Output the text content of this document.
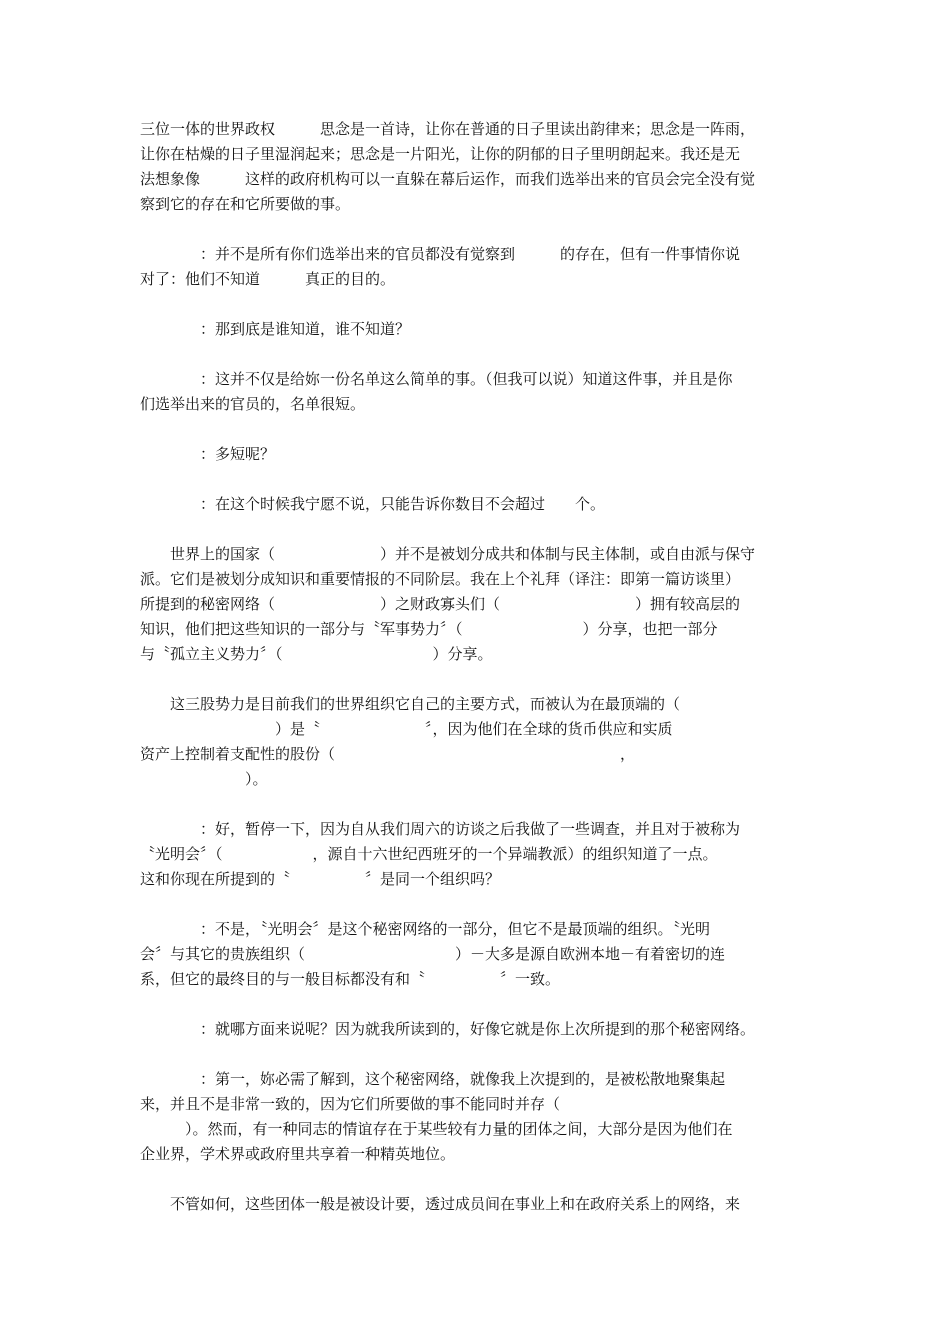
三位一体的世界政权　　　思念是一首诗，让你在普通的日子里读出韵律来；思念是一阵雨，
让你在枯燥的日子里湿润起来；思念是一片阳光，让你的阴郁的日子里明朗起来。我还是无
法想象像　　　这样的政府机构可以一直躲在幕后运作，而我们选举出来的官员会完全没有觉
察到它的存在和它所要做的事。
　　　　：并不是所有你们选举出来的官员都没有觉察到　　　的存在，但有一件事情你说
对了：他们不知道　　　真正的目的。
　　　　：那到底是谁知道，谁不知道？
　　　　：这并不仅是给妳一份名单这么简单的事。（但我可以说）知道这件事，并且是你
们选举出来的官员的，名单很短。
　　　　：多短呢？
　　　　：在这个时候我宁愿不说，只能告诉你数目不会超过　　个。
　　世界上的国家（　　　　　　　）并不是被划分成共和体制与民主体制，或自由派与保守
派。它们是被划分成知识和重要情报的不同阶层。我在上个礼拜（译注：即第一篇访谈里）
所提到的秘密网络（　　　　　　　）之财政寡头们（　　　　　　　　　）拥有较高层的
知识，他们把这些知识的一部分与〝军事势力〞（　　　　　　　　）分享，也把一部分
与〝孤立主义势力〞（　　　　　　　　　　）分享。
　　这三股势力是目前我们的世界组织它自己的主要方式，而被认为在最顶端的（
　　　　　　　　　）是〝　　　　　　　〞，因为他们在全球的货币供应和实质
资产上控制着支配性的股份（　　　　　　　　　　　　　　　　　　　，
　　　　　　　）。
　　　　：好，暂停一下，因为自从我们周六的访谈之后我做了一些调查，并且对于被称为
〝光明会〞（　　　　　　，源自十六世纪西班牙的一个异端教派）的组织知道了一点。
这和你现在所提到的〝　　　　　〞是同一个组织吗？
　　　　：不是，〝光明会〞是这个秘密网络的一部分，但它不是最顶端的组织。〝光明
会〞与其它的贵族组织（　　　　　　　　　　）－大多是源自欧洲本地－有着密切的连
系，但它的最终目的与一般目标都没有和〝　　　　　〞一致。
　　　　：就哪方面来说呢？因为就我所读到的，好像它就是你上次所提到的那个秘密网络。
　　　　：第一，妳必需了解到，这个秘密网络，就像我上次提到的，是被松散地聚集起
来，并且不是非常一致的，因为它们所要做的事不能同时并存（
　　　）。然而，有一种同志的情谊存在于某些较有力量的团体之间，大部分是因为他们在
企业界，学术界或政府里共享着一种精英地位。
　　不管如何，这些团体一般是被设计要，透过成员间在事业上和在政府关系上的网络，来
